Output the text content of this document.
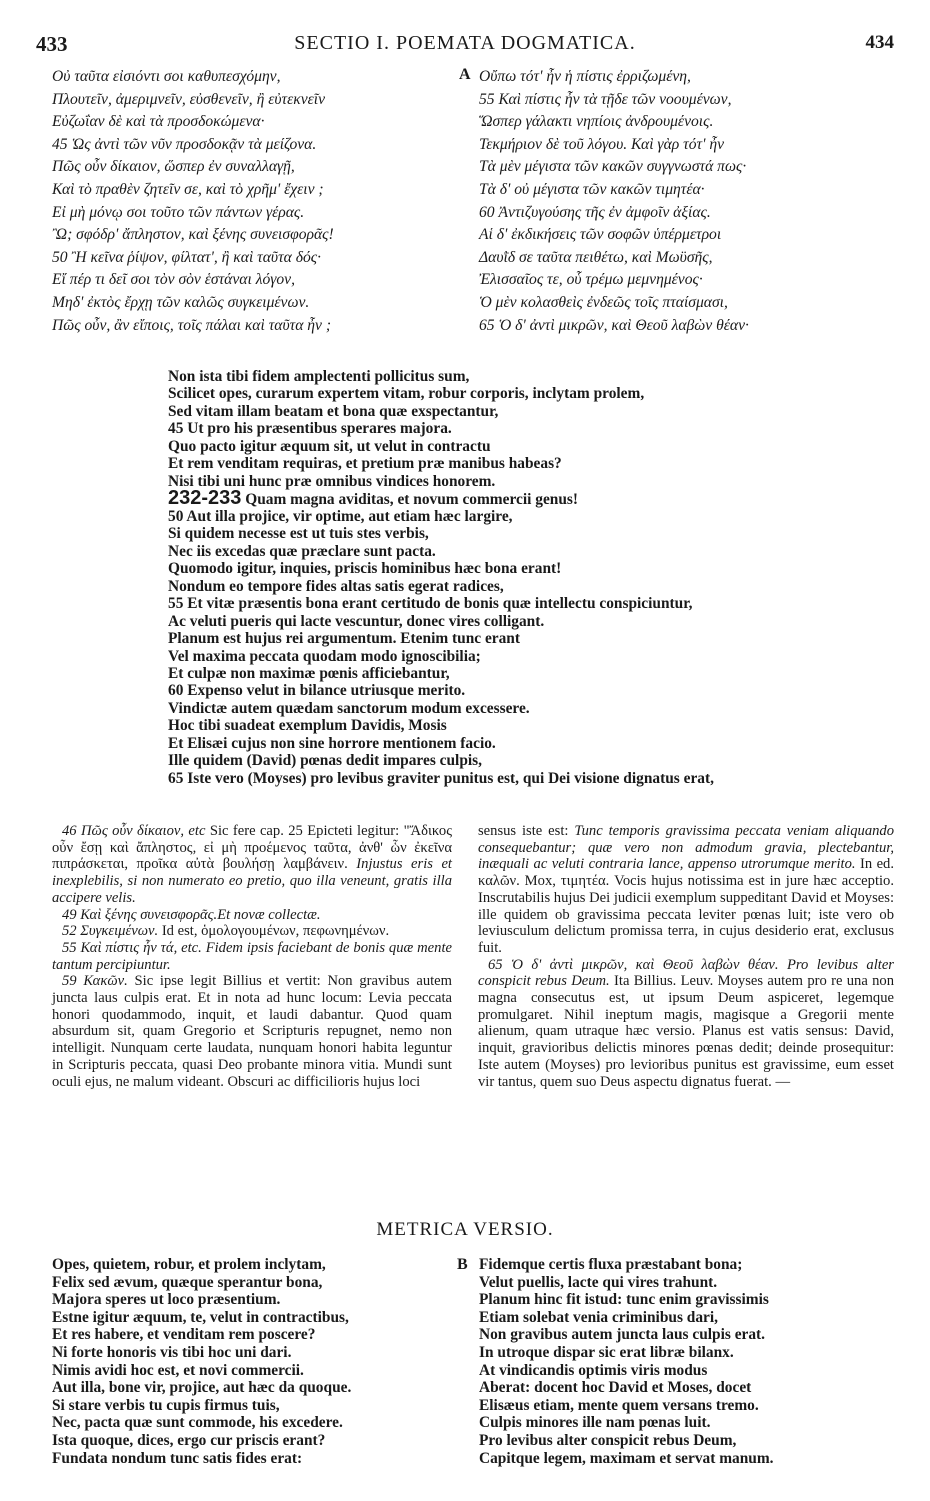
433	SECTIO I. POEMATA DOGMATICA.	434
Οὐ ταῦτα εἰσιόντι σοι καθυπεσχόμην,
Πλουτεῖν, ἀμεριμνεῖν, εὐσθενεῖν, ἢ εὐτεκνεῖν
Εὐζωΐαν δὲ καὶ τὰ προσδοκώμενα·
45 Ὡς ἀντὶ τῶν νῦν προσδοκᾷν τὰ μείζονα.
Πῶς οὖν δίκαιον, ὥσπερ ἐν συναλλαγῇ,
Καὶ τὸ πραθὲν ζητεῖν σε, καὶ τὸ χρῆμ' ἔχειν ;
Εἰ μὴ μόνῳ σοι τοῦτο τῶν πάντων γέρας.
Ὢ; σφόδρ' ἄπληστον, καὶ ξένης συνεισφορᾶς!
50 Ἢ κεῖνα ῥίψον, φίλτατ', ἢ καὶ ταῦτα δός·
Εἴ πέρ τι δεῖ σοι τὸν σὸν ἑστάναι λόγον,
Μηδ' ἐκτὸς ἔρχῃ τῶν καλῶς συγκειμένων.
Πῶς οὖν, ἂν εἴποις, τοῖς πάλαι καὶ ταῦτα ἦν ;
A Οὔπω τότ' ἦν ἡ πίστις ἐρριζωμένη,
55 Καὶ πίστις ἦν τὰ τῇδε τῶν νοουμένων,
Ὥσπερ γάλακτι νηπίοις ἀνδρουμένοις.
Τεκμήριον δὲ τοῦ λόγου. Καὶ γὰρ τότ' ἦν
Τὰ μὲν μέγιστα τῶν κακῶν συγγνωστά πως·
Τὰ δ' οὐ μέγιστα τῶν κακῶν τιμητέα·
60 Ἀντιζυγούσης τῆς ἐν ἀμφοῖν ἀξίας.
Αἱ δ' ἐκδικήσεις τῶν σοφῶν ὑπέρμετροι
Δαυῒδ σε ταῦτα πειθέτω, καὶ Μωϋσῆς,
Ἐλισσαῖος τε, οὗ τρέμω μεμνημένος·
Ὁ μὲν κολασθεὶς ἐνδεῶς τοῖς πταίσμασι,
65 Ὁ δ' ἀντὶ μικρῶν, καὶ Θεοῦ λαβὼν θέαν·
Non ista tibi fidem amplectenti pollicitus sum,
Scilicet opes, curarum expertem vitam, robur corporis, inclytam prolem,
Sed vitam illam beatam et bona quæ exspectantur,
45 Ut pro his præsentibus sperares majora.
Quo pacto igitur æquum sit, ut velut in contractu
Et rem venditam requiras, et pretium præ manibus habeas?
Nisi tibi uni hunc præ omnibus vindices honorem.
232-233 Quam magna aviditas, et novum commercii genus!
50 Aut illa projice, vir optime, aut etiam hæc largire,
Si quidem necesse est ut tuis stes verbis,
Nec iis excedas quæ præclare sunt pacta.
Quomodo igitur, inquies, priscis hominibus hæc bona erant!
Nondum eo tempore fides altas satis egerat radices,
55 Et vitæ præsentis bona erant certitudo de bonis quæ intellectu conspiciuntur,
Ac veluti pueris qui lacte vescuntur, donec vires colligant.
Planum est hujus rei argumentum. Etenim tunc erant
Vel maxima peccata quodam modo ignoscibilia;
Et culpæ non maximæ pœnis afficiebantur,
60 Expenso velut in bilance utriusque merito.
Vindictæ autem quædam sanctorum modum excessere.
Hoc tibi suadeat exemplum Davidis, Mosis
Et Elisæi cujus non sine horrore mentionem facio.
Ille quidem (David) pœnas dedit impares culpis,
65 Iste vero (Moyses) pro levibus graviter punitus est, qui Dei visione dignatus erat,

46 Πῶς οὖν δίκαιον, etc Sic fere cap. 25 Epicteti legitur: "Ἄδικος οὖν ἔσῃ καὶ ἄπληστος, εἰ μὴ προέμενος ταῦτα, ἀνθ' ὧν ἐκεῖνα πιπράσκεται, προῖκα αὐτὰ βουλήσῃ λαμβάνειν. Injustus eris et inexplebilis, si non numerato eo pretio, quo illa veneunt, gratis illa accipere velis.

49 Καὶ ξένης συνεισφορᾶς.Et novæ collectæ.

52 Συγκειμένων. Id est, ὁμολογουμένων, πεφωνημένων.

55 Καὶ πίστις ἦν τά, etc. Fidem ipsis faciebant de bonis quæ mente tantum percipiuntur.

59 Κακῶν. Sic ipse legit Billius et vertit: Non gravibus autem juncta laus culpis erat. Et in nota ad hunc locum: Levia peccata honori quodammodo, inquit, et laudi dabantur. Quod quam absurdum sit, quam Gregorio et Scripturis repugnet, nemo non intelligit. Nunquam certe laudata, nunquam honori habita leguntur in Scripturis peccata, quasi Deo probante minora vitia. Mundi sunt oculi ejus, ne malum videant. Obscuri ac difficilioris hujus loci

sensus iste est: Tunc temporis gravissima peccata veniam aliquando consequebantur; quæ vero non admodum gravia, plectebantur, inæquali ac veluti contraria lance, appenso utrorumque merito. In ed. καλῶν. Mox, τιμητέα. Vocis hujus notissima est in jure hæc acceptio. Inscrutabilis hujus Dei judicii exemplum suppeditant David et Moyses: ille quidem ob gravissima peccata leviter pœnas luit; iste vero ob leviusculum delictum promissa terra, in cujus desiderio erat, exclusus fuit.

65 Ὁ δ' ἀντὶ μικρῶν, καὶ Θεοῦ λαβὼν θέαν. Pro levibus alter conspicit rebus Deum. Ita Billius. Leuv. Moyses autem pro re una non magna consecutus est, ut ipsum Deum aspiceret, legemque promulgaret. Nihil ineptum magis, magisque a Gregorii mente alienum, quam utraque hæc versio. Planus est vatis sensus: David, inquit, gravioribus delictis minores pœnas dedit; deinde prosequitur: Iste autem (Moyses) pro levioribus punitus est gravissime, eum esset vir tantus, quem suo Deus aspectu dignatus fuerat. —

METRICA VERSIO.
Opes, quietem, robur, et prolem inclytam,
Felix sed ævum, quæque sperantur bona,
Majora speres ut loco præsentium.
Estne igitur æquum, te, velut in contractibus,
Et res habere, et venditam rem poscere?
Ni forte honoris vis tibi hoc uni dari.
Nimis avidi hoc est, et novi commercii.
Aut illa, bone vir, projice, aut hæc da quoque.
Si stare verbis tu cupis firmus tuis,
Nec, pacta quæ sunt commode, his excedere.
Ista quoque, dices, ergo cur priscis erant?
Fundata nondum tunc satis fides erat:
B Fidemque certis fluxa præstabant bona;
Velut puellis, lacte qui vires trahunt.
Planum hinc fit istud: tunc enim gravissimis
Etiam solebat venia criminibus dari,
Non gravibus autem juncta laus culpis erat.
In utroque dispar sic erat libræ bilanx.
At vindicandis optimis viris modus
Aberat: docent hoc David et Moses, docet
Elisæus etiam, mente quem versans tremo.
Culpis minores ille nam pœnas luit.
Pro levibus alter conspicit rebus Deum,
Capitque legem, maximam et servat manum.
